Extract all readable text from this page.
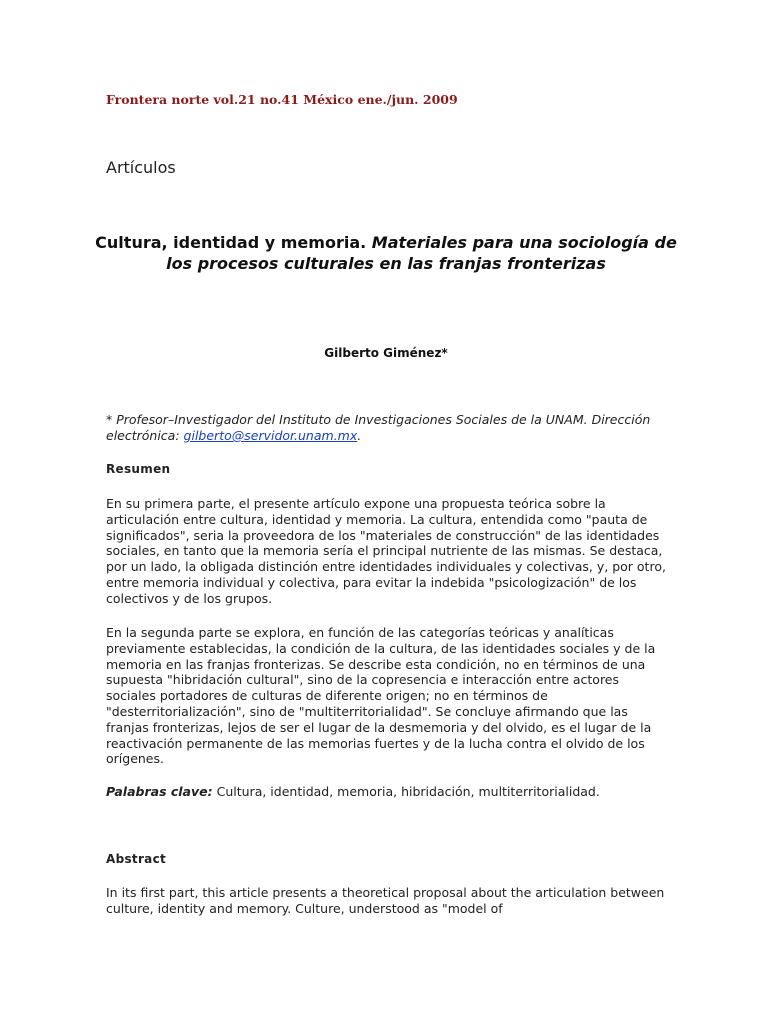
Frontera norte vol.21 no.41 México ene./jun. 2009
Artículos
Cultura, identidad y memoria. Materiales para una sociología de los procesos culturales en las franjas fronterizas
Gilberto Giménez*
* Profesor–Investigador del Instituto de Investigaciones Sociales de la UNAM. Dirección electrónica: gilberto@servidor.unam.mx.
Resumen
En su primera parte, el presente artículo expone una propuesta teórica sobre la articulación entre cultura, identidad y memoria. La cultura, entendida como "pauta de significados", seria la proveedora de los "materiales de construcción" de las identidades sociales, en tanto que la memoria sería el principal nutriente de las mismas. Se destaca, por un lado, la obligada distinción entre identidades individuales y colectivas, y, por otro, entre memoria individual y colectiva, para evitar la indebida "psicologización" de los colectivos y de los grupos.
En la segunda parte se explora, en función de las categorías teóricas y analíticas previamente establecidas, la condición de la cultura, de las identidades sociales y de la memoria en las franjas fronterizas. Se describe esta condición, no en términos de una supuesta "hibridación cultural", sino de la copresencia e interacción entre actores sociales portadores de culturas de diferente origen; no en términos de "desterritorialización", sino de "multiterritorialidad". Se concluye afirmando que las franjas fronterizas, lejos de ser el lugar de la desmemoria y del olvido, es el lugar de la reactivación permanente de las memorias fuertes y de la lucha contra el olvido de los orígenes.
Palabras clave: Cultura, identidad, memoria, hibridación, multiterritorialidad.
Abstract
In its first part, this article presents a theoretical proposal about the articulation between culture, identity and memory. Culture, understood as "model of
